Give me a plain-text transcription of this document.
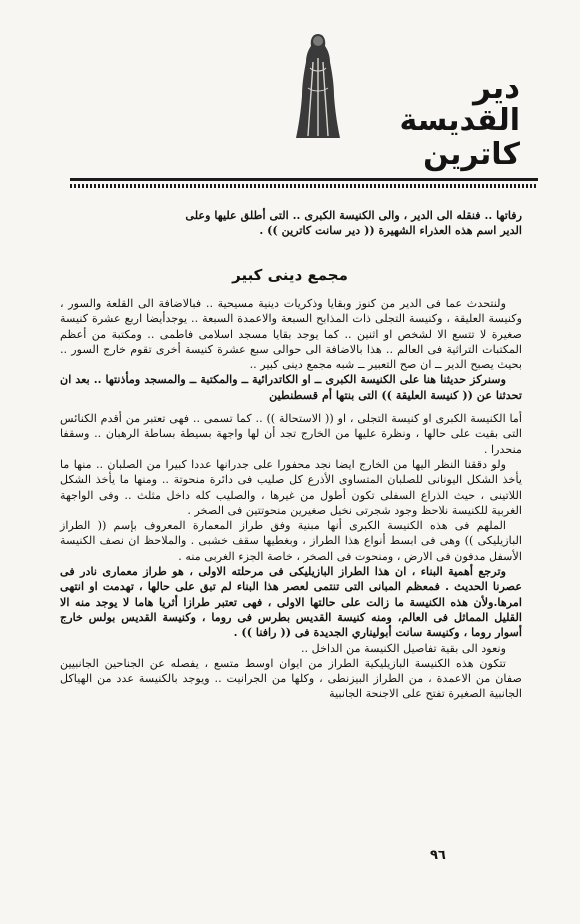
دير
القديسة
كاترين

رفاتها .. فنقله الى الدير ، والى الكنيسة الكبرى .. التى أطلق عليها وعلى

الدير اسم هذه العذراء الشهيرة (( دير سانت كاترين )) .

مجمع دينى كبير

ولنتحدث عما فى الدير من كنوز وبقايا وذكريات دينية مسيحية .. فبالاضافة الى القلعة والسور ، وكنيسة العليقة ، وكنيسة التجلى ذات المذابح السبعة والاعمدة السبعة .. يوجدأيضا اربع عشرة كنيسة صغيرة لا تتسع الا لشخص او اثنين .. كما يوجد بقايا مسجد اسلامى فاطمى .. ومكتبة من أعظم المكتبات التراثية فى العالم .. هذا بالاضافة الى حوالى سبع عشرة كنيسة أخرى تقوم خارج السور .. بحيث يصبح الدير ــ ان صح التعبير ــ شبه مجمع دينى كبير ..

وسنركز حديثنا هنا على الكنيسة الكبرى ــ او الكاتدرائية ــ والمكتبة ــ والمسجد ومأذنتها .. بعد ان تحدثنا عن (( كنيسة العليقة )) التى بنتها أم قسطنطين

أما الكنيسة الكبرى او كنيسة التجلى ، او (( الاستحالة )) .. كما تسمى .. فهى تعتبر من أقدم الكنائس التى بقيت على حالها ، ونظرة عليها من الخارج تجد أن لها واجهة بسيطة بساطة الرهبان .. وسقفا منحدرا .

ولو دققنا النظر اليها من الخارج ايضا نجد محفورا على جدرانها عددا كبيرا من الصلبان .. منها ما يأخذ الشكل اليونانى للصلبان المتساوى الأذرع كل صليب فى دائرة منحوتة .. ومنها ما يأخذ الشكل اللاتينى ، حيث الذراع السفلى تكون أطول من غيرها ، والصليب كله داخل مثلث .. وفى الواجهة الغربية للكنيسة نلاحظ وجود شجرتى نخيل صغيرين منحوتتين فى الصخر .

الملهم فى هذه الكنيسة الكبرى أنها مبنية وفق طراز المعمارة المعروف بإسم (( الطراز البازيليكى )) وهى فى ابسط أنواع هذا الطراز ، وبغطيها سقف خشبى . والملاحظ ان نصف الكنيسة الأسفل مدفون فى الارض ، ومنحوت فى الصخر ، خاصة الجزء الغربى منه .

وترجع أهمية البناء ، ان هذا الطراز البازيليكى فى مرحلته الاولى ، هو طراز معمارى نادر فى عصرنا الحديث . فمعظم المبانى التى تنتمى لعصر هذا البناء لم تبق على حالها ، تهدمت او انتهى امرها.ولأن هذه الكنيسة ما زالت على حالتها الاولى ، فهى تعتبر طرازا أثريا هاما لا يوجد منه الا القليل المماثل فى العالم، ومنه كنيسة القديس بطرس فى روما ، وكنيسة القديس بولس خارج أسوار روما ، وكنيسة سانت أبوليناري الجديدة فى (( رافنا )) .

ونعود الى بقية تفاصيل الكنيسة من الداخل ..

تتكون هذه الكنيسة البازيليكية الطراز من ايوان اوسط متسع ، يفصله عن الجناحين الجانبيين صفان من الاعمدة ، من الطراز البيزنطى ، وكلها من الجرانيت .. ويوجد بالكنيسة عدد من الهياكل الجانبية الصغيرة تفتح على الاجنحة الجانبية

٩٦
